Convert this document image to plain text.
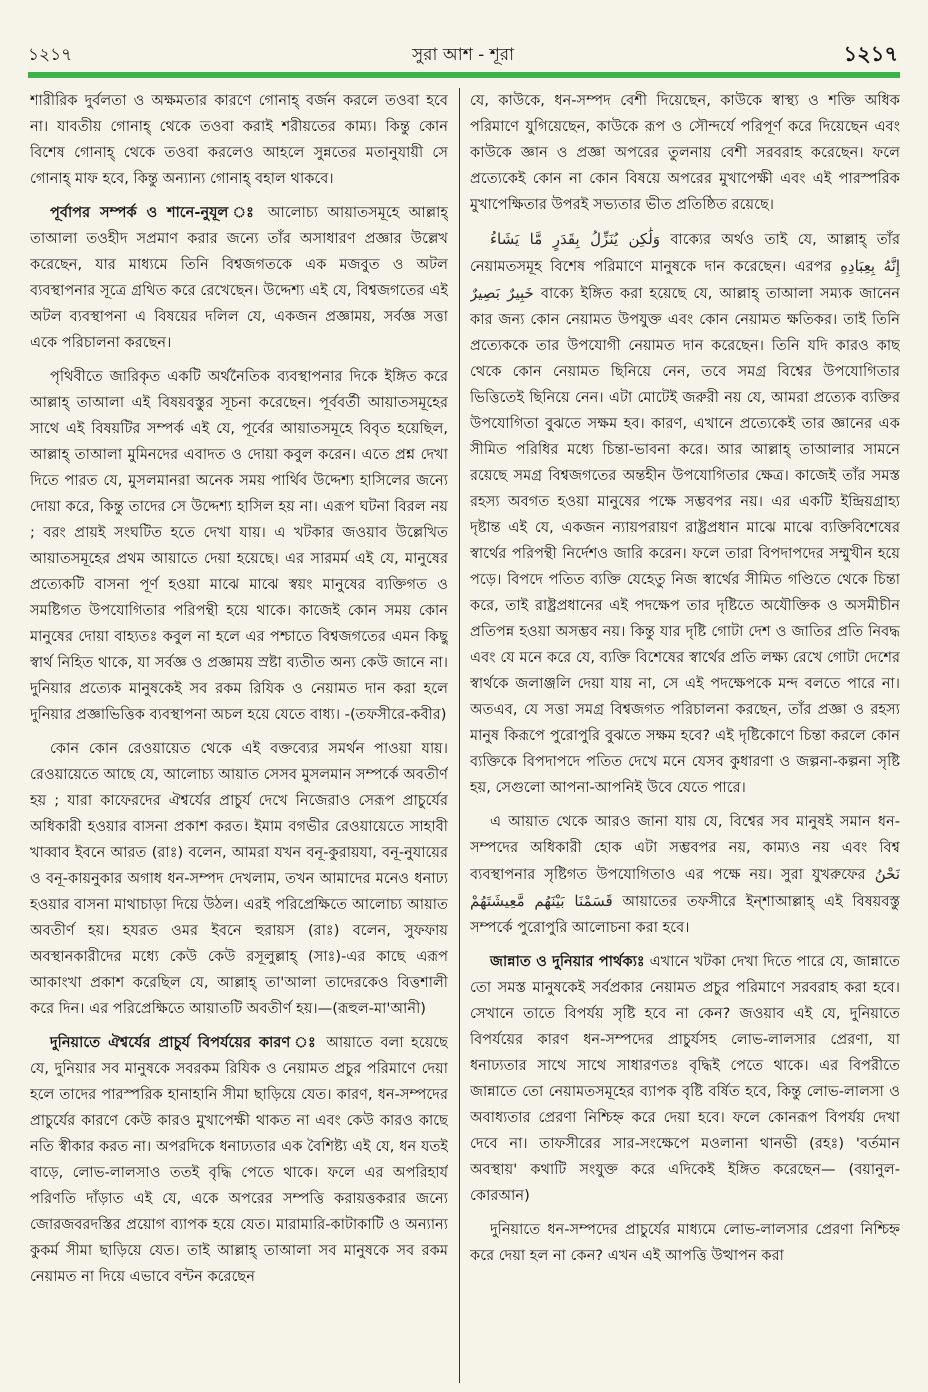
১২১৭	সুরা আশ - শূরা	১২১৭

শারীরিক দুর্বলতা ও অক্ষমতার কারণে গোনাহ্ বর্জন করলে তওবা হবে না। যাবতীয় গোনাহ্ থেকে তওবা করাই শরীয়তের কাম্য। কিন্তু কোন বিশেষ গোনাহ্ থেকে তওবা করলেও আহলে সুন্নতের মতানুযায়ী সে গোনাহ্ মাফ হবে, কিন্তু অন্যান্য গোনাহ্ বহাল থাকবে।

পূর্বাপর সম্পর্ক ও শানে-নুযূল ঃ আলোচ্য আয়াতসমূহে আল্লাহ্ তাআলা তওহীদ সপ্রমাণ করার জন্যে তাঁর অসাধারণ প্রজ্ঞার উল্লেখ করেছেন, যার মাধ্যমে তিনি বিশ্বজগতকে এক মজবুত ও অটল ব্যবস্থাপনার সূত্রে গ্রথিত করে রেখেছেন। উদ্দেশ্য এই যে, বিশ্বজগতের এই অটল ব্যবস্থাপনা এ বিষয়ের দলিল যে, একজন প্রজ্ঞাময়, সর্বজ্ঞ সত্তা একে পরিচালনা করছেন।

পৃথিবীতে জারিকৃত একটি অর্থনৈতিক ব্যবস্থাপনার দিকে ইঙ্গিত করে আল্লাহ্ তাআলা এই বিষয়বস্তুর সূচনা করেছেন। পূর্ববর্তী আয়াতসমূহের সাথে এই বিষয়টির সম্পর্ক এই যে, পূর্বের আয়াতসমূহে বিবৃত হয়েছিল, আল্লাহ্ তাআলা মুমিনদের এবাদত ও দোয়া কবুল করেন। এতে প্রশ্ন দেখা দিতে পারত যে, মুসলমানরা অনেক সময় পার্থিব উদ্দেশ্য হাসিলের জন্যে দোয়া করে, কিন্তু তাদের সে উদ্দেশ্য হাসিল হয় না। এরূপ ঘটনা বিরল নয় ; বরং প্রায়ই সংঘটিত হতে দেখা যায়। এ খটকার জওয়াব উল্লেখিত আয়াতসমূহের প্রথম আয়াতে দেয়া হয়েছে। এর সারমর্ম এই যে, মানুষের প্রত্যেকটি বাসনা পূর্ণ হওয়া মাঝে মাঝে স্বয়ং মানুষের ব্যক্তিগত ও সমষ্টিগত উপযোগিতার পরিপন্থী হয়ে থাকে। কাজেই কোন সময় কোন মানুষের দোয়া বাহ্যতঃ কবুল না হলে এর পশ্চাতে বিশ্বজগতের এমন কিছু স্বার্থ নিহিত থাকে, যা সর্বজ্ঞ ও প্রজ্ঞাময় স্রষ্টা ব্যতীত অন্য কেউ জানে না। দুনিয়ার প্রত্যেক মানুষকেই সব রকম রিযিক ও নেয়ামত দান করা হলে দুনিয়ার প্রজ্ঞাভিত্তিক ব্যবস্থাপনা অচল হয়ে যেতে বাধ্য। -(তফসীরে-কবীর)

কোন কোন রেওয়ায়েত থেকে এই বক্তব্যের সমর্থন পাওয়া যায়। রেওয়ায়েতে আছে যে, আলোচ্য আয়াত সেসব মুসলমান সম্পর্কে অবতীর্ণ হয় ; যারা কাফেরদের ঐশ্বর্যের প্রাচুর্য দেখে নিজেরাও সেরূপ প্রাচুর্যের অধিকারী হওয়ার বাসনা প্রকাশ করত। ইমাম বগভীর রেওয়ায়েতে সাহাবী খাব্বাব ইবনে আরত (রাঃ) বলেন, আমরা যখন বনূ-কুরায়যা, বনূ-নুযায়ের ও বনূ-কায়নুকার অগাধ ধন-সম্পদ দেখলাম, তখন আমাদের মনেও ধনাঢ্য হওয়ার বাসনা মাথাচাড়া দিয়ে উঠল। এরই পরিপ্রেক্ষিতে আলোচ্য আয়াত অবতীর্ণ হয়। হযরত ওমর ইবনে হুরায়স (রাঃ) বলেন, সুফফায় অবস্থানকারীদের মধ্যে কেউ কেউ রসূলুল্লাহ্ (সাঃ)-এর কাছে এরূপ আকাংখা প্রকাশ করেছিল যে, আল্লাহ্ তা'আলা তাদেরকেও বিত্তশালী করে দিন। এর পরিপ্রেক্ষিতে আয়াতটি অবতীর্ণ হয়।—(রূহুল-মা'আনী)

দুনিয়াতে ঐশ্বর্যের প্রাচুর্য বিপর্যয়ের কারণ ঃ আয়াতে বলা হয়েছে যে, দুনিয়ার সব মানুষকে সবরকম রিযিক ও নেয়ামত প্রচুর পরিমাণে দেয়া হলে তাদের পারস্পরিক হানাহানি সীমা ছাড়িয়ে যেত। কারণ, ধন-সম্পদের প্রাচুর্যের কারণে কেউ কারও মুখাপেক্ষী থাকত না এবং কেউ কারও কাছে নতি স্বীকার করত না। অপরদিকে ধনাঢ্যতার এক বৈশিষ্ট্য এই যে, ধন যতই বাড়ে, লোভ-লালসাও ততই বৃদ্ধি পেতে থাকে। ফলে এর অপরিহার্য পরিণতি দাঁড়াত এই যে, একে অপরের সম্পত্তি করায়ত্তকরার জন্যে জোরজবরদস্তির প্রয়োগ ব্যাপক হয়ে যেত। মারামারি-কাটাকাটি ও অন্যান্য কুকর্ম সীমা ছাড়িয়ে যেত। তাই আল্লাহ্ তাআলা সব মানুষকে সব রকম নেয়ামত না দিয়ে এভাবে বন্টন করেছেন

যে, কাউকে, ধন-সম্পদ বেশী দিয়েছেন, কাউকে স্বাস্থ্য ও শক্তি অধিক পরিমাণে যুগিয়েছেন, কাউকে রূপ ও সৌন্দর্যে পরিপূর্ণ করে দিয়েছেন এবং কাউকে জ্ঞান ও প্রজ্ঞা অপরের তুলনায় বেশী সরবরাহ করেছেন। ফলে প্রত্যেকেই কোন না কোন বিষয়ে অপরের মুখাপেক্ষী এবং এই পারস্পরিক মুখাপেক্ষিতার উপরই সভ্যতার ভীত প্রতিষ্ঠিত রয়েছে।

وَلَٰكِن يُنَزِّلُ بِقَدَرٍ مَّا يَشَاءُ বাক্যের অর্থও তাই যে, আল্লাহ্ তাঁর নেয়ামতসমূহ বিশেষ পরিমাণে মানুষকে দান করেছেন। এরপর إِنَّهُ بِعِبَادِهِ خَبِيرٌ بَصِيرٌ বাক্যে ইঙ্গিত করা হয়েছে যে, আল্লাহ্ তাআলা সম্যক জানেন কার জন্য কোন নেয়ামত উপযুক্ত এবং কোন নেয়ামত ক্ষতিকর। তাই তিনি প্রত্যেককে তার উপযোগী নেয়ামত দান করেছেন। তিনি যদি কারও কাছ থেকে কোন নেয়ামত ছিনিয়ে নেন, তবে সমগ্র বিশ্বের উপযোগিতার ভিত্তিতেই ছিনিয়ে নেন। এটা মোটেই জরুরী নয় যে, আমরা প্রত্যেক ব্যক্তির উপযোগিতা বুঝতে সক্ষম হব। কারণ, এখানে প্রত্যেকেই তার জ্ঞানের এক সীমিত পরিধির মধ্যে চিন্তা-ভাবনা করে। আর আল্লাহ্ তাআলার সামনে রয়েছে সমগ্র বিশ্বজগতের অন্তহীন উপযোগিতার ক্ষেত্র। কাজেই তাঁর সমস্ত রহস্য অবগত হওয়া মানুষের পক্ষে সম্ভবপর নয়। এর একটি ইন্দ্রিয়গ্রাহ্য দৃষ্টান্ত এই যে, একজন ন্যায়পরায়ণ রাষ্ট্রপ্রধান মাঝে মাঝে ব্যক্তিবিশেষের স্বার্থের পরিপন্থী নির্দেশও জারি করেন। ফলে তারা বিপদাপদের সম্মুখীন হয়ে পড়ে। বিপদে পতিত ব্যক্তি যেহেতু নিজ স্বার্থের সীমিত গণ্ডিতে থেকে চিন্তা করে, তাই রাষ্ট্রপ্রধানের এই পদক্ষেপ তার দৃষ্টিতে অযৌক্তিক ও অসমীচীন প্রতিপন্ন হওয়া অসম্ভব নয়। কিন্তু যার দৃষ্টি গোটা দেশ ও জাতির প্রতি নিবদ্ধ এবং যে মনে করে যে, ব্যক্তি বিশেষের স্বার্থের প্রতি লক্ষ্য রেখে গোটা দেশের স্বার্থকে জলাঞ্জলি দেয়া যায় না, সে এই পদক্ষেপকে মন্দ বলতে পারে না। অতএব, যে সত্তা সমগ্র বিশ্বজগত পরিচালনা করছেন, তাঁর প্রজ্ঞা ও রহস্য মানুষ কিরূপে পুরোপুরি বুঝতে সক্ষম হবে? এই দৃষ্টিকোণে চিন্তা করলে কোন ব্যক্তিকে বিপদাপদে পতিত দেখে মনে যেসব কুধারণা ও জল্পনা-কল্পনা সৃষ্টি হয়, সেগুলো আপনা-আপনিই উবে যেতে পারে।

এ আয়াত থেকে আরও জানা যায় যে, বিশ্বের সব মানুষই সমান ধন-সম্পদের অধিকারী হোক এটা সম্ভবপর নয়, কাম্যও নয় এবং বিশ্ব ব্যবস্থাপনার সৃষ্টিগত উপযোগিতাও এর পক্ষে নয়। সুরা যুখরুফের نَحْنُ قَسَمْنَا بَيْنَهُم مَّعِيشَتَهُمْ আয়াতের তফসীরে ইন্শাআল্লাহ্ এই বিষয়বস্তু সম্পর্কে পুরোপুরি আলোচনা করা হবে।

জান্নাত ও দুনিয়ার পার্থক্যঃ এখানে খটকা দেখা দিতে পারে যে, জান্নাতে তো সমস্ত মানুষকেই সর্বপ্রকার নেয়ামত প্রচুর পরিমাণে সরবরাহ করা হবে। সেখানে তাতে বিপর্যয় সৃষ্টি হবে না কেন? জওয়াব এই যে, দুনিয়াতে বিপর্যয়ের কারণ ধন-সম্পদের প্রাচুর্যসহ লোভ-লালসার প্রেরণা, যা ধনাঢ্যতার সাথে সাথে সাধারণতঃ বৃদ্ধিই পেতে থাকে। এর বিপরীতে জান্নাতে তো নেয়ামতসমূহের ব্যাপক বৃষ্টি বর্ষিত হবে, কিন্তু লোভ-লালসা ও অবাধ্যতার প্রেরণা নিশ্চিহ্ন করে দেয়া হবে। ফলে কোনরূপ বিপর্যয় দেখা দেবে না। তাফসীরের সার-সংক্ষেপে মওলানা থানভী (রহঃ) 'বর্তমান অবস্থায়' কথাটি সংযুক্ত করে এদিকেই ইঙ্গিত করেছেন— (বয়ানুল-কোরআন)

দুনিয়াতে ধন-সম্পদের প্রাচুর্যের মাধ্যমে লোভ-লালসার প্রেরণা নিশ্চিহ্ন করে দেয়া হল না কেন? এখন এই আপত্তি উত্থাপন করা
